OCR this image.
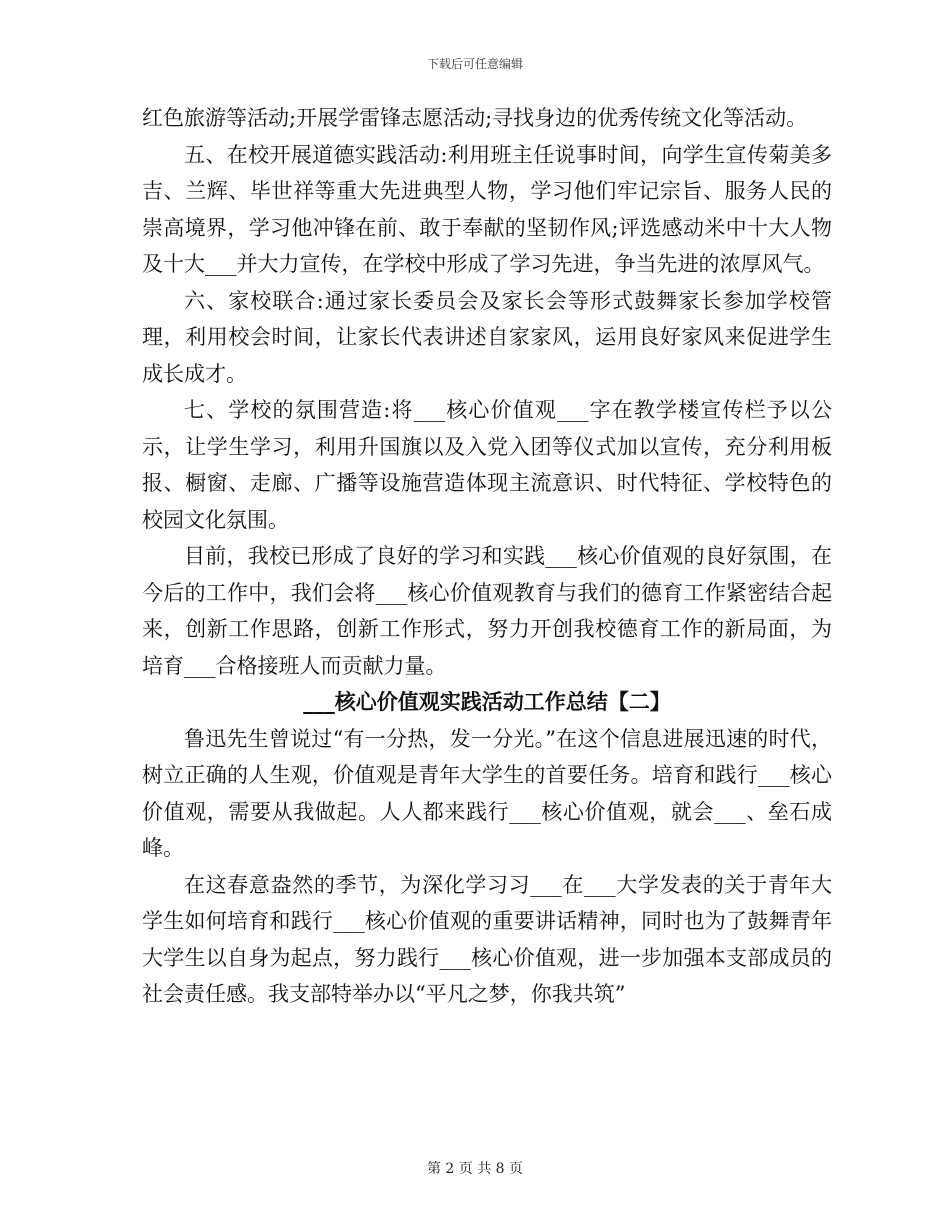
下载后可任意编辑

红色旅游等活动;开展学雷锋志愿活动;寻找身边的优秀传统文化等活动。

五、在校开展道德实践活动:利用班主任说事时间，向学生宣传菊美多吉、兰辉、毕世祥等重大先进典型人物，学习他们牢记宗旨、服务人民的崇高境界，学习他冲锋在前、敢于奉献的坚韧作风;评选感动米中十大人物及十大___并大力宣传，在学校中形成了学习先进，争当先进的浓厚风气。

六、家校联合:通过家长委员会及家长会等形式鼓舞家长参加学校管理，利用校会时间，让家长代表讲述自家家风，运用良好家风来促进学生成长成才。

七、学校的氛围营造:将___核心价值观___字在教学楼宣传栏予以公示，让学生学习，利用升国旗以及入党入团等仪式加以宣传，充分利用板报、橱窗、走廊、广播等设施营造体现主流意识、时代特征、学校特色的校园文化氛围。

目前，我校已形成了良好的学习和实践___核心价值观的良好氛围，在今后的工作中，我们会将___核心价值观教育与我们的德育工作紧密结合起来，创新工作思路，创新工作形式，努力开创我校德育工作的新局面，为培育___合格接班人而贡献力量。

___核心价值观实践活动工作总结【二】

鲁迅先生曾说过“有一分热，发一分光。”在这个信息进展迅速的时代，树立正确的人生观，价值观是青年大学生的首要任务。培育和践行___核心价值观，需要从我做起。人人都来践行___核心价值观，就会___、垒石成峰。

在这春意盎然的季节，为深化学习习___在___大学发表的关于青年大学生如何培育和践行___核心价值观的重要讲话精神，同时也为了鼓舞青年大学生以自身为起点，努力践行___核心价值观，进一步加强本支部成员的社会责任感。我支部特举办以“平凡之梦，你我共筑”

第 2 页 共 8 页
